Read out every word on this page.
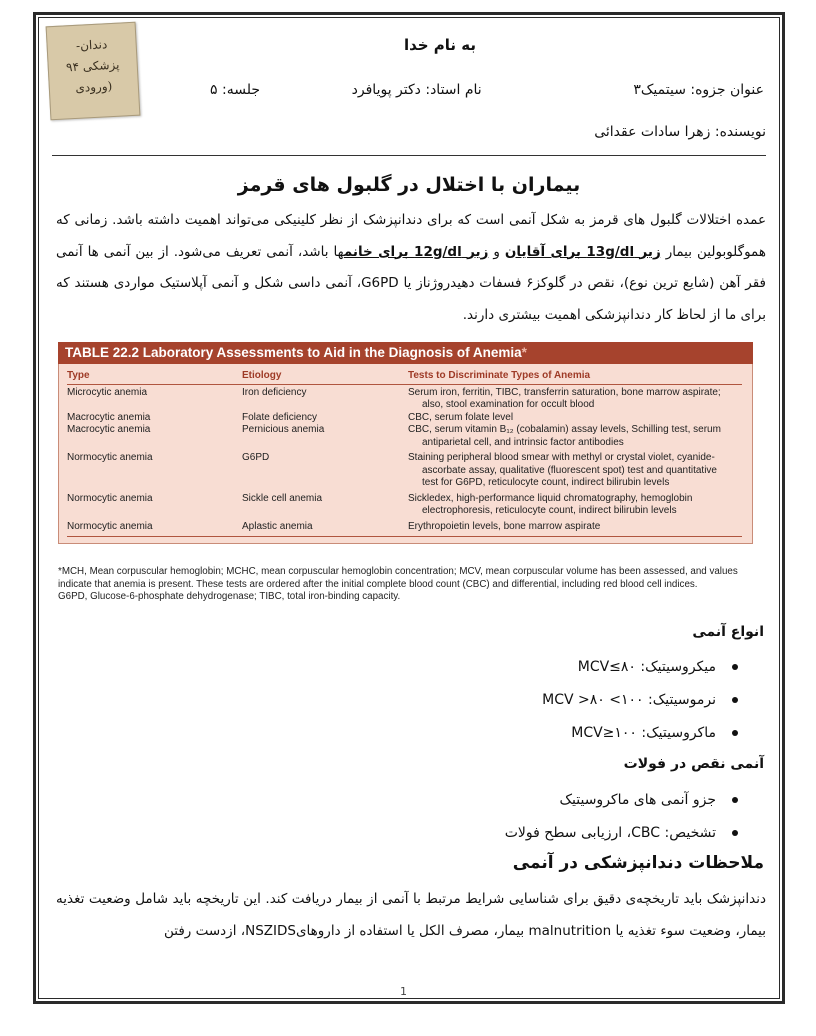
دندان-
پزشکی ۹۴
(ورودی
به نام خدا
عنوان جزوه: سیتمیک۳
نام استاد: دکتر پویافرد
جلسه: ۵
نویسنده: زهرا سادات عقدائی
بیماران با اختلال در گلبول های قرمز
عمده اختلالات گلبول های قرمز به شکل آنمی است که برای دندانپزشک از نظر کلینیکی می‌تواند اهمیت داشته باشد. زمانی که هموگلوبولین بیمار زیر 13g/dl برای آقایان و زیر 12g/dl برای خانمها باشد، آنمی تعریف می‌شود. از بین آنمی ها آنمی فقر آهن (شایع ترین نوع)، نقص در گلوکز۶ فسفات دهیدروژناز یا G6PD، آنمی داسی شکل و آنمی آپلاستیک مواردی هستند که برای ما از لحاظ کار دندانپزشکی اهمیت بیشتری دارند.
TABLE 22.2 Laboratory Assessments to Aid in the Diagnosis of Anemia*
Type	Etiology	Tests to Discriminate Types of Anemia
Microcytic anemia	Iron deficiency	Serum iron, ferritin, TIBC, transferrin saturation, bone marrow aspirate;
also, stool examination for occult blood
Macrocytic anemia	Folate deficiency	CBC, serum folate level
Macrocytic anemia	Pernicious anemia	CBC, serum vitamin B₁₂ (cobalamin) assay levels, Schilling test, serum
antiparietal cell, and intrinsic factor antibodies
Normocytic anemia	G6PD	Staining peripheral blood smear with methyl or crystal violet, cyanide-
ascorbate assay, qualitative (fluorescent spot) test and quantitative
test for G6PD, reticulocyte count, indirect bilirubin levels
Normocytic anemia	Sickle cell anemia	Sickledex, high-performance liquid chromatography, hemoglobin
electrophoresis, reticulocyte count, indirect bilirubin levels
Normocytic anemia	Aplastic anemia	Erythropoietin levels, bone marrow aspirate
*MCH, Mean corpuscular hemoglobin; MCHC, mean corpuscular hemoglobin concentration; MCV, mean corpuscular volume has been assessed, and values
indicate that anemia is present. These tests are ordered after the initial complete blood count (CBC) and differential, including red blood cell indices.
G6PD, Glucose-6-phosphate dehydrogenase; TIBC, total iron-binding capacity.
انواع آنمی
میکروسیتیک: MCV≤۸۰
نرموسیتیک: ۱۰۰> MCV >۸۰
ماکروسیتیک: MCV≥۱۰۰
آنمی نقص در فولات
جزو آنمی های ماکروسیتیک
تشخیص: CBC، ارزیابی سطح فولات
ملاحظات دندانپزشکی در آنمی
دندانپزشک باید تاریخچه‌ی دقیق برای شناسایی شرایط مرتبط با آنمی از بیمار دریافت کند. این تاریخچه باید شامل وضعیت تغذیه بیمار، وضعیت سوء تغذیه یا malnutrition بیمار، مصرف الکل یا استفاده از داروهایNSZIDS، ازدست رفتن
1
